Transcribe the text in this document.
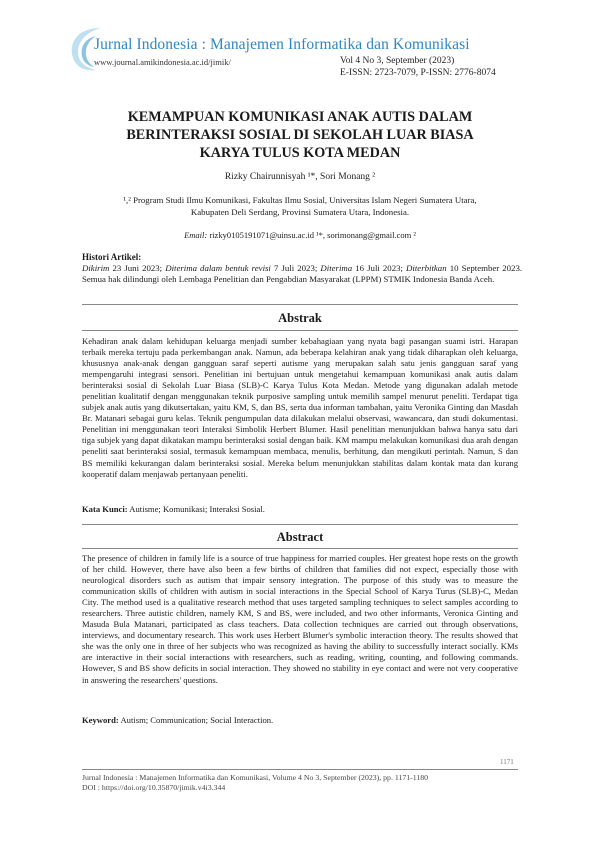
Jurnal Indonesia : Manajemen Informatika dan Komunikasi
www.journal.amikindonesia.ac.id/jimik/	Vol 4 No 3, September (2023)
E-ISSN: 2723-7079, P-ISSN: 2776-8074
KEMAMPUAN KOMUNIKASI ANAK AUTIS DALAM
BERINTERAKSI SOSIAL DI SEKOLAH LUAR BIASA
KARYA TULUS KOTA MEDAN
Rizky Chairunnisyah ¹*, Sori Monang ²
¹,² Program Studi Ilmu Komunikasi, Fakultas Ilmu Sosial, Universitas Islam Negeri Sumatera Utara,
Kabupaten Deli Serdang, Provinsi Sumatera Utara, Indonesia.
Email: rizky0105191071@uinsu.ac.id ¹*, sorimonang@gmail.com ²
Histori Artikel:
Dikirim 23 Juni 2023; Diterima dalam bentuk revisi 7 Juli 2023; Diterima 16 Juli 2023; Diterbitkan 10 September 2023. Semua hak dilindungi oleh Lembaga Penelitian dan Pengabdian Masyarakat (LPPM) STMIK Indonesia Banda Aceh.
Abstrak
Kehadiran anak dalam kehidupan keluarga menjadi sumber kebahagiaan yang nyata bagi pasangan suami istri. Harapan terbaik mereka tertuju pada perkembangan anak. Namun, ada beberapa kelahiran anak yang tidak diharapkan oleh keluarga, khususnya anak-anak dengan gangguan saraf seperti autisme yang merupakan salah satu jenis gangguan saraf yang mempengaruhi integrasi sensori. Penelitian ini bertujuan untuk mengetahui kemampuan komunikasi anak autis dalam berinteraksi sosial di Sekolah Luar Biasa (SLB)-C Karya Tulus Kota Medan. Metode yang digunakan adalah metode penelitian kualitatif dengan menggunakan teknik purposive sampling untuk memilih sampel menurut peneliti. Terdapat tiga subjek anak autis yang dikutsertakan, yaitu KM, S, dan BS, serta dua informan tambahan, yaitu Veronika Ginting dan Masdah Br. Matanari sebagai guru kelas. Teknik pengumpulan data dilakukan melalui observasi, wawancara, dan studi dokumentasi. Penelitian ini menggunakan teori Interaksi Simbolik Herbert Blumer. Hasil penelitian menunjukkan bahwa hanya satu dari tiga subjek yang dapat dikatakan mampu berinteraksi sosial dengan baik. KM mampu melakukan komunikasi dua arah dengan peneliti saat berinteraksi sosial, termasuk kemampuan membaca, menulis, berhitung, dan mengikuti perintah. Namun, S dan BS memiliki kekurangan dalam berinteraksi sosial. Mereka belum menunjukkan stabilitas dalam kontak mata dan kurang kooperatif dalam menjawab pertanyaan peneliti.
Kata Kunci: Autisme; Komunikasi; Interaksi Sosial.
Abstract
The presence of children in family life is a source of true happiness for married couples. Her greatest hope rests on the growth of her child. However, there have also been a few births of children that families did not expect, especially those with neurological disorders such as autism that impair sensory integration. The purpose of this study was to measure the communication skills of children with autism in social interactions in the Special School of Karya Turus (SLB)-C, Medan City. The method used is a qualitative research method that uses targeted sampling techniques to select samples according to researchers. Three autistic children, namely KM, S and BS, were included, and two other informants, Veronica Ginting and Masuda Bula Matanari, participated as class teachers. Data collection techniques are carried out through observations, interviews, and documentary research. This work uses Herbert Blumer's symbolic interaction theory. The results showed that she was the only one in three of her subjects who was recognized as having the ability to successfully interact socially. KMs are interactive in their social interactions with researchers, such as reading, writing, counting, and following commands. However, S and BS show deficits in social interaction. They showed no stability in eye contact and were not very cooperative in answering the researchers' questions.
Keyword: Autism; Communication; Social Interaction.
1171
Jurnal Indonesia : Manajemen Informatika dan Komunikasi, Volume 4 No 3, September (2023), pp. 1171-1180
DOI : https://doi.org/10.35870/jimik.v4i3.344
